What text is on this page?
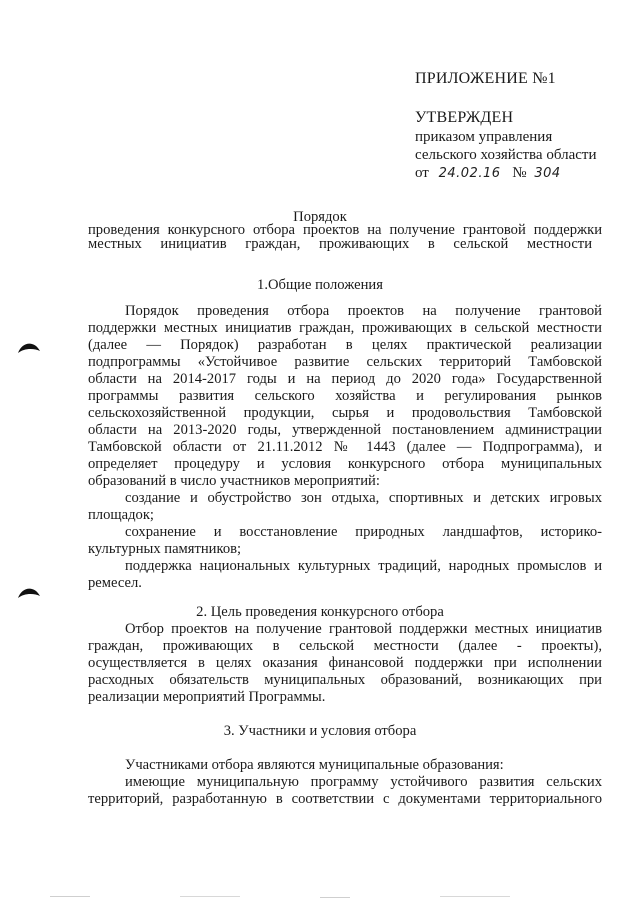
ПРИЛОЖЕНИЕ №1
УТВЕРЖДЕН
приказом управления
сельского хозяйства области
от 24.02.16 № 304
Порядок
проведения конкурсного отбора проектов на получение грантовой поддержки
местных инициатив граждан, проживающих в сельской местности
1.Общие положения
Порядок проведения отбора проектов на получение грантовой
поддержки местных инициатив граждан, проживающих в сельской местности
(далее — Порядок) разработан в целях практической реализации
подпрограммы «Устойчивое развитие сельских территорий Тамбовской
области на 2014-2017 годы и на период до 2020 года» Государственной
программы развития сельского хозяйства и регулирования рынков
сельскохозяйственной продукции, сырья и продовольствия Тамбовской
области на 2013-2020 годы, утвержденной постановлением администрации
Тамбовской области от 21.11.2012 № 1443 (далее — Подпрограмма), и
определяет процедуру и условия конкурсного отбора муниципальных
образований в число участников мероприятий:
создание и обустройство зон отдыха, спортивных и детских игровых
площадок;
сохранение и восстановление природных ландшафтов, историко-
культурных памятников;
поддержка национальных культурных традиций, народных промыслов и
ремесел.
2. Цель проведения конкурсного отбора
Отбор проектов на получение грантовой поддержки местных инициатив
граждан, проживающих в сельской местности (далее - проекты),
осуществляется в целях оказания финансовой поддержки при исполнении
расходных обязательств муниципальных образований, возникающих при
реализации мероприятий Программы.
3. Участники и условия отбора
Участниками отбора являются муниципальные образования:
имеющие муниципальную программу устойчивого развития сельских
территорий, разработанную в соответствии с документами территориального
